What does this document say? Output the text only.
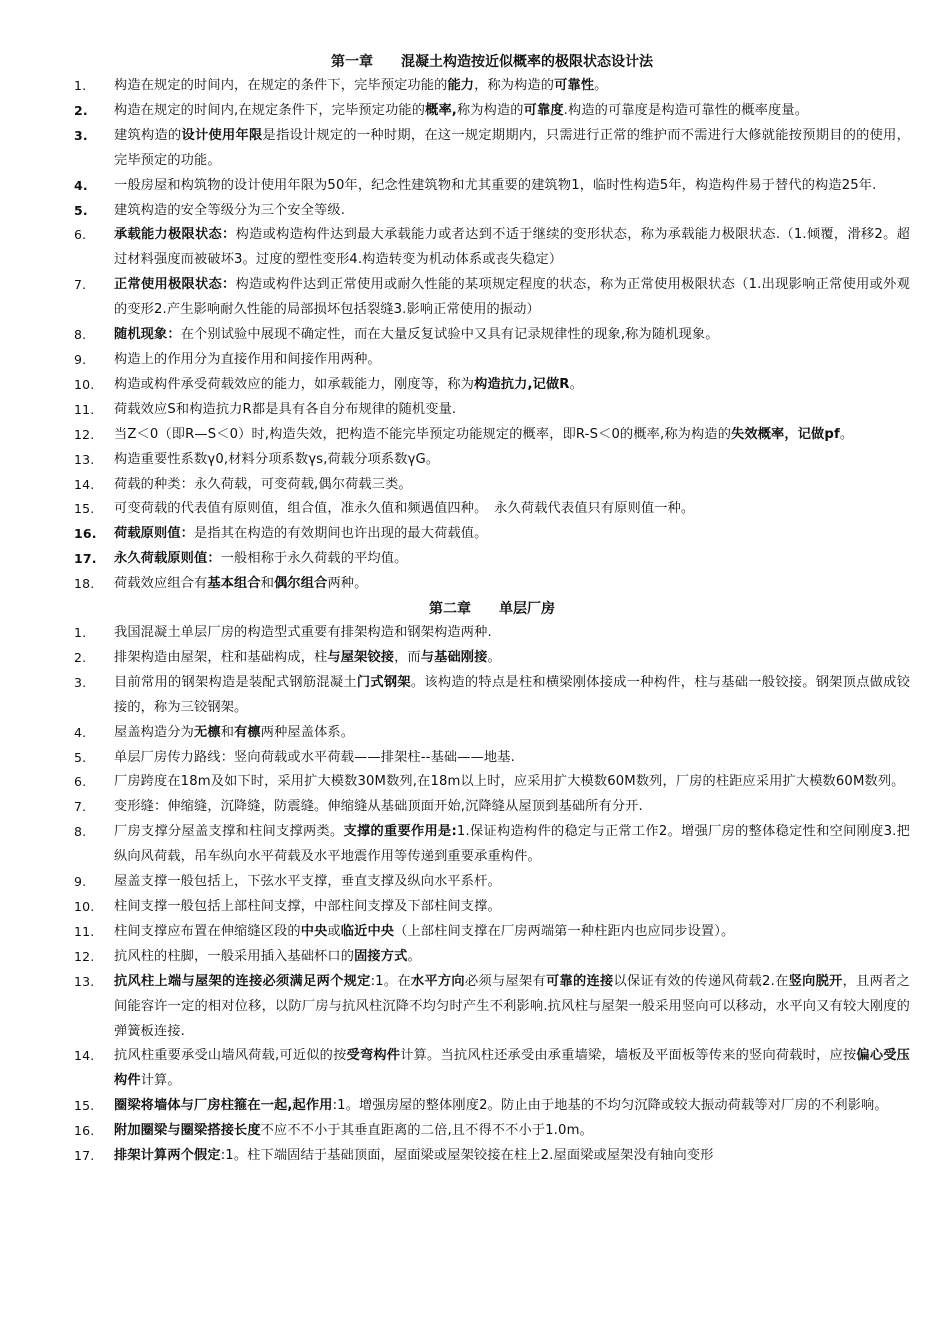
第一章　　混凝土构造按近似概率的极限状态设计法
1.	构造在规定的时间内，在规定的条件下，完毕预定功能的能力，称为构造的可靠性。
2.	构造在规定的时间内,在规定条件下，完毕预定功能的概率,称为构造的可靠度.构造的可靠度是构造可靠性的概率度量。
3.	建筑构造的设计使用年限是指设计规定的一种时期，在这一规定期期内，只需进行正常的维护而不需进行大修就能按预期目的的使用，完毕预定的功能。
4.	一般房屋和构筑物的设计使用年限为50年，纪念性建筑物和尤其重要的建筑物1，临时性构造5年，构造构件易于替代的构造25年.
5.	建筑构造的安全等级分为三个安全等级.
6.	承载能力极限状态：构造或构造构件达到最大承载能力或者达到不适于继续的变形状态，称为承载能力极限状态.（1.倾覆，滑移2。超过材料强度而被破坏3。过度的塑性变形4.构造转变为机动体系或丧失稳定）
7.	正常使用极限状态：构造或构件达到正常使用或耐久性能的某项规定程度的状态，称为正常使用极限状态（1.出现影响正常使用或外观的变形2.产生影响耐久性能的局部损坏包括裂缝3.影响正常使用的振动）
8.	随机现象：在个别试验中展现不确定性，而在大量反复试验中又具有记录规律性的现象,称为随机现象。
9.	构造上的作用分为直接作用和间接作用两种。
10.	构造或构件承受荷载效应的能力，如承载能力，刚度等，称为构造抗力,记做R。
11.	荷载效应S和构造抗力R都是具有各自分布规律的随机变量.
12.	当Z＜0（即R—S＜0）时,构造失效，把构造不能完毕预定功能规定的概率，即R-S＜0的概率,称为构造的失效概率，记做pf。
13.	构造重要性系数γ0,材料分项系数γs,荷载分项系数γG。
14.	荷载的种类：永久荷载，可变荷载,偶尔荷载三类。
15.	可变荷载的代表值有原则值，组合值，准永久值和频遇值四种。　永久荷载代表值只有原则值一种。
16.	荷载原则值：是指其在构造的有效期间也许出现的最大荷载值。
17.	永久荷载原则值：一般相称于永久荷载的平均值。
18.	荷载效应组合有基本组合和偶尔组合两种。
第二章　　单层厂房
1.	我国混凝土单层厂房的构造型式重要有排架构造和钢架构造两种.
2.	排架构造由屋架，柱和基础构成，柱与屋架铰接，而与基础刚接。
3.	目前常用的钢架构造是装配式钢筋混凝土门式钢架。该构造的特点是柱和横梁刚体接成一种构件，柱与基础一般铰接。钢架顶点做成铰接的，称为三铰钢架。
4.	屋盖构造分为无檩和有檩两种屋盖体系。
5.	单层厂房传力路线：竖向荷载或水平荷载——排架柱--基础——地基.
6.	厂房跨度在18m及如下时，采用扩大模数30M数列,在18m以上时，应采用扩大模数60M数列，厂房的柱距应采用扩大模数60M数列。
7.	变形缝：伸缩缝，沉降缝，防震缝。伸缩缝从基础顶面开始,沉降缝从屋顶到基础所有分开.
8.	厂房支撑分屋盖支撑和柱间支撑两类。支撑的重要作用是:1.保证构造构件的稳定与正常工作2。增强厂房的整体稳定性和空间刚度3.把纵向风荷载，吊车纵向水平荷载及水平地震作用等传递到重要承重构件。
9.	屋盖支撑一般包括上，下弦水平支撑，垂直支撑及纵向水平系杆。
10.	柱间支撑一般包括上部柱间支撑，中部柱间支撑及下部柱间支撑。
11.	柱间支撑应布置在伸缩缝区段的中央或临近中央（上部柱间支撑在厂房两端第一种柱距内也应同步设置）。
12.	抗风柱的柱脚，一般采用插入基础杯口的固接方式。
13.	抗风柱上端与屋架的连接必须满足两个规定:1。在水平方向必须与屋架有可靠的连接以保证有效的传递风荷载2.在竖向脱开，且两者之间能容许一定的相对位移，以防厂房与抗风柱沉降不均匀时产生不利影响.抗风柱与屋架一般采用竖向可以移动，水平向又有较大刚度的弹簧板连接.
14.	抗风柱重要承受山墙风荷载,可近似的按受弯构件计算。当抗风柱还承受由承重墙梁，墙板及平面板等传来的竖向荷载时，应按偏心受压构件计算。
15.	圈梁将墙体与厂房柱箍在一起,起作用:1。增强房屋的整体刚度2。防止由于地基的不均匀沉降或较大振动荷载等对厂房的不利影响。
16.	附加圈梁与圈梁搭接长度不应不不小于其垂直距离的二倍,且不得不不小于1.0m。
17.	排架计算两个假定:1。柱下端固结于基础顶面，屋面梁或屋架铰接在柱上2.屋面梁或屋架没有轴向变形
